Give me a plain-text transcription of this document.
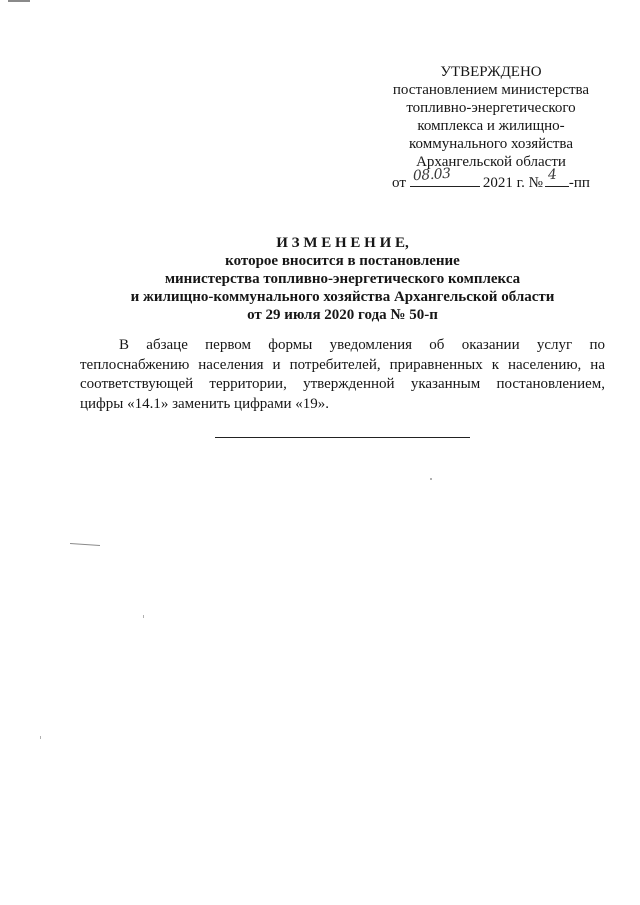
УТВЕРЖДЕНО
постановлением министерства
топливно-энергетического
комплекса и жилищно-
коммунального хозяйства
Архангельской области
от 08.03 2021 г. № 4 -пп
И З М Е Н Е Н И Е,
которое вносится в постановление
министерства топливно-энергетического комплекса
и жилищно-коммунального хозяйства Архангельской области
от 29 июля 2020 года № 50-п
В абзаце первом формы уведомления об оказании услуг по
теплоснабжению населения и потребителей, приравненных к населению, на
соответствующей территории, утвержденной указанным постановлением,
цифры «14.1» заменить цифрами «19».
